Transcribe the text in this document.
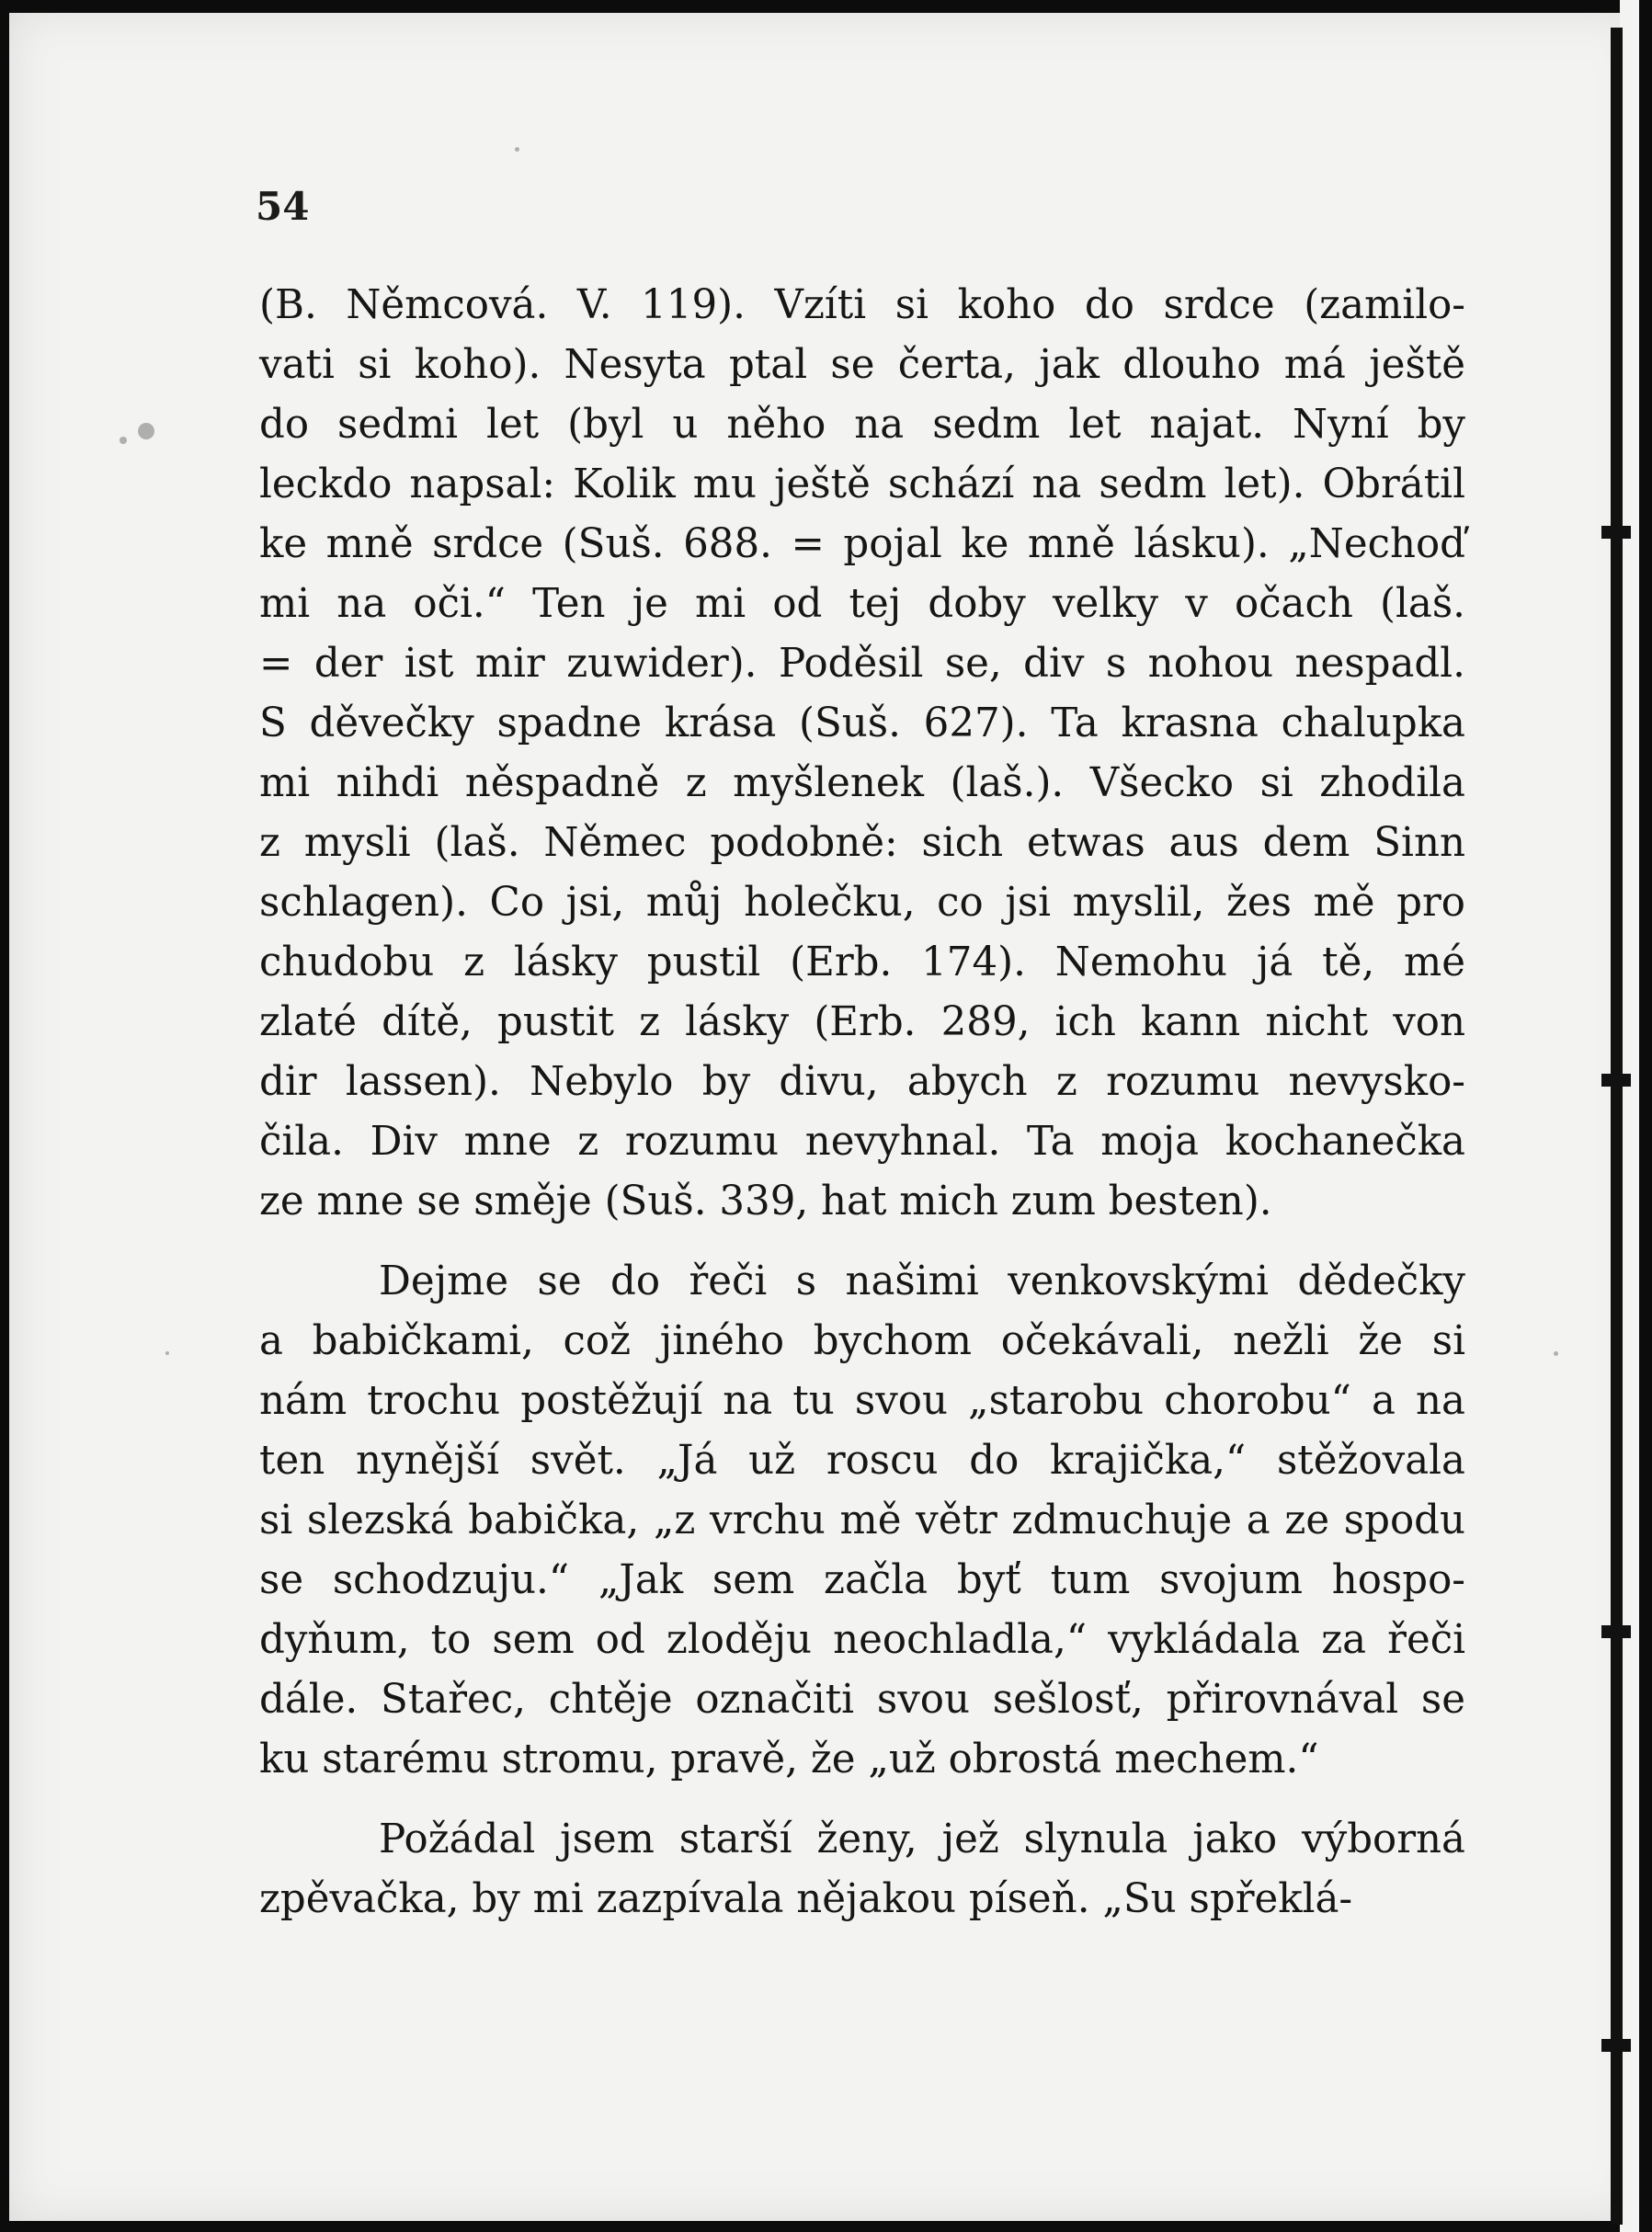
54
(B. Němcová. V. 119). Vzíti si koho do srdce (zamilo-
vati si koho). Nesyta ptal se čerta, jak dlouho má ještě
do sedmi let (byl u něho na sedm let najat. Nyní by
leckdo napsal: Kolik mu ještě schází na sedm let). Obrátil
ke mně srdce (Suš. 688. = pojal ke mně lásku). „Nechoď
mi na oči.“ Ten je mi od tej doby velky v očach (laš.
= der ist mir zuwider). Poděsil se, div s nohou nespadl.
S děvečky spadne krása (Suš. 627). Ta krasna chalupka
mi nihdi něspadně z myšlenek (laš.). Všecko si zhodila
z mysli (laš. Němec podobně: sich etwas aus dem Sinn
schlagen). Co jsi, můj holečku, co jsi myslil, žes mě pro
chudobu z lásky pustil (Erb. 174). Nemohu já tě, mé
zlaté dítě, pustit z lásky (Erb. 289, ich kann nicht von
dir lassen). Nebylo by divu, abych z rozumu nevysko-
čila. Div mne z rozumu nevyhnal. Ta moja kochanečka
ze mne se směje (Suš. 339, hat mich zum besten).
Dejme se do řeči s našimi venkovskými dědečky
a babičkami, což jiného bychom očekávali, nežli že si
nám trochu postěžují na tu svou „starobu chorobu“ a na
ten nynější svět. „Já už roscu do krajička,“ stěžovala
si slezská babička, „z vrchu mě větr zdmuchuje a ze spodu
se schodzuju.“ „Jak sem začla byť tum svojum hospo-
dyňum, to sem od zloděju neochladla,“ vykládala za řeči
dále. Stařec, chtěje označiti svou sešlosť, přirovnával se
ku starému stromu, pravě, že „už obrostá mechem.“
Požádal jsem starší ženy, jež slynula jako výborná
zpěvačka, by mi zazpívala nějakou píseň. „Su spřeklá-
